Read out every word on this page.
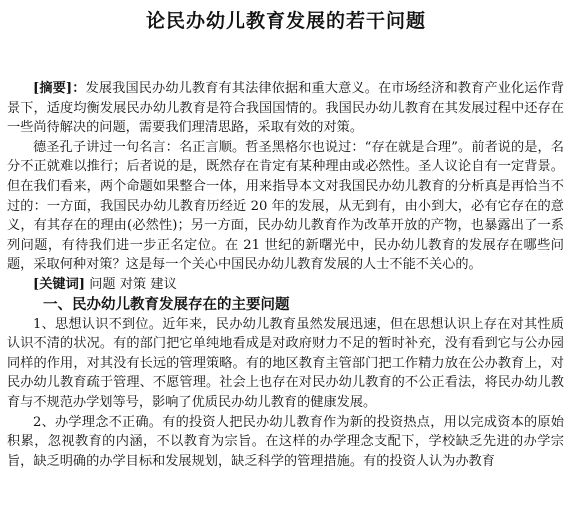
论民办幼儿教育发展的若干问题

[摘要]：发展我国民办幼儿教育有其法律依据和重大意义。在市场经济和教育产业化运作背景下，适度均衡发展民办幼儿教育是符合我国国情的。我国民办幼儿教育在其发展过程中还存在一些尚待解决的问题，需要我们理清思路，采取有效的对策。

德圣孔子讲过一句名言：名正言顺。哲圣黑格尔也说过：“存在就是合理”。前者说的是，名分不正就难以推行；后者说的是，既然存在肯定有某种理由或必然性。圣人议论自有一定背景。但在我们看来，两个命题如果整合一体，用来指导本文对我国民办幼儿教育的分析真是再恰当不过的：一方面，我国民办幼儿教育历经近 20 年的发展，从无到有，由小到大，必有它存在的意义，有其存在的理由(必然性)；另一方面，民办幼儿教育作为改革开放的产物，也暴露出了一系列问题，有待我们进一步正名定位。在 21 世纪的新曙光中，民办幼儿教育的发展存在哪些问题，采取何种对策？这是每一个关心中国民办幼儿教育发展的人士不能不关心的。

[关键词] 问题 对策 建议

一、民办幼儿教育发展存在的主要问题

1、思想认识不到位。近年来，民办幼儿教育虽然发展迅速，但在思想认识上存在对其性质认识不清的状况。有的部门把它单纯地看成是对政府财力不足的暂时补充，没有看到它与公办园同样的作用，对其没有长远的管理策略。有的地区教育主管部门把工作精力放在公办教育上，对民办幼儿教育疏于管理、不愿管理。社会上也存在对民办幼儿教育的不公正看法，将民办幼儿教育与不规范办学划等号，影响了优质民办幼儿教育的健康发展。

2、办学理念不正确。有的投资人把民办幼儿教育作为新的投资热点，用以完成资本的原始积累，忽视教育的内涵，不以教育为宗旨。在这样的办学理念支配下，学校缺乏先进的办学宗旨，缺乏明确的办学目标和发展规划，缺乏科学的管理措施。有的投资人认为办教育
